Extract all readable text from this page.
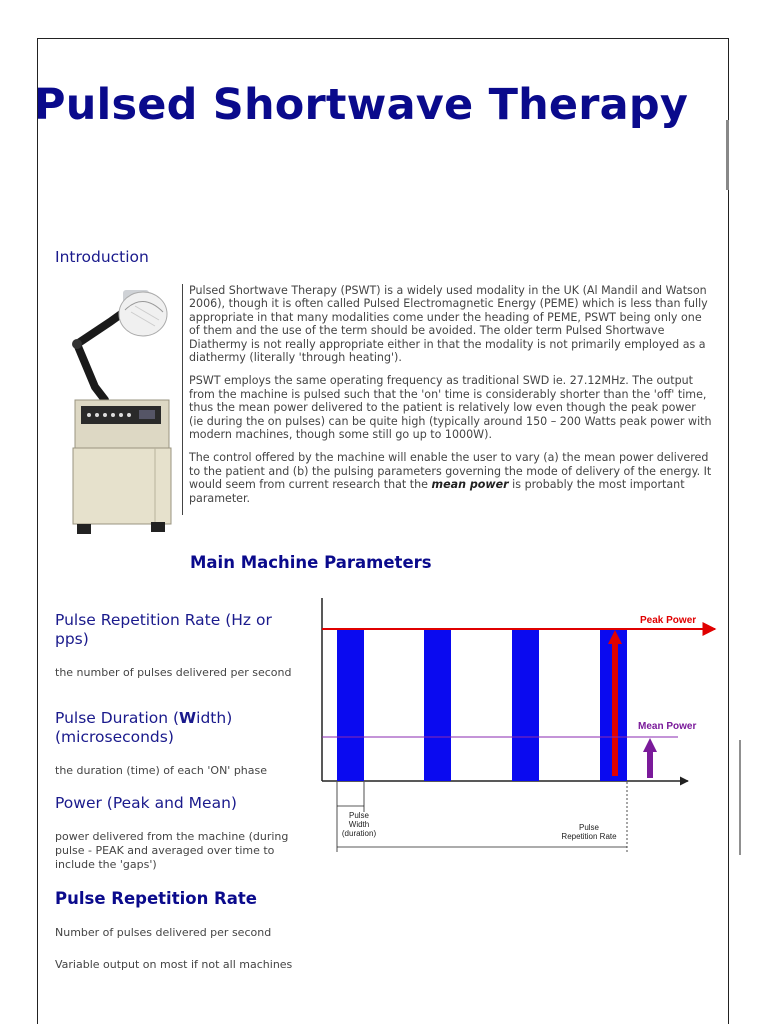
Pulsed Shortwave Therapy
Introduction

Pulsed Shortwave Therapy (PSWT) is a widely used modality in the UK (Al Mandil and Watson 2006), though it is often called Pulsed Electromagnetic Energy (PEME) which is less than fully appropriate in that many modalities come under the heading of PEME, PSWT being only one of them and the use of the term should be avoided. The older term Pulsed Shortwave Diathermy is not really appropriate either in that the modality is not primarily employed as a diathermy (literally 'through heating').

PSWT employs the same operating frequency as traditional SWD ie. 27.12MHz. The output from the machine is pulsed such that the 'on' time is considerably shorter than the 'off' time, thus the mean power delivered to the patient is relatively low even though the peak power (ie during the on pulses) can be quite high (typically around 150 – 200 Watts peak power with modern machines, though some still go up to 1000W).

The control offered by the machine will enable the user to vary (a) the mean power delivered to the patient and (b) the pulsing parameters governing the mode of delivery of the energy. It would seem from current research that the mean power is probably the most important parameter.

Main Machine Parameters
Pulse Repetition Rate (Hz or pps)

the number of pulses delivered per second

Pulse Duration (Width) (microseconds)

the duration (time) of each 'ON' phase

Power (Peak and Mean)

power delivered from the machine (during pulse - PEAK and averaged over time to include the 'gaps')

Peak Power
Mean Power
Pulse
Width
(duration)
Pulse
Repetition Rate
Pulse Repetition Rate

Number of pulses delivered per second

Variable output on most if not all machines
